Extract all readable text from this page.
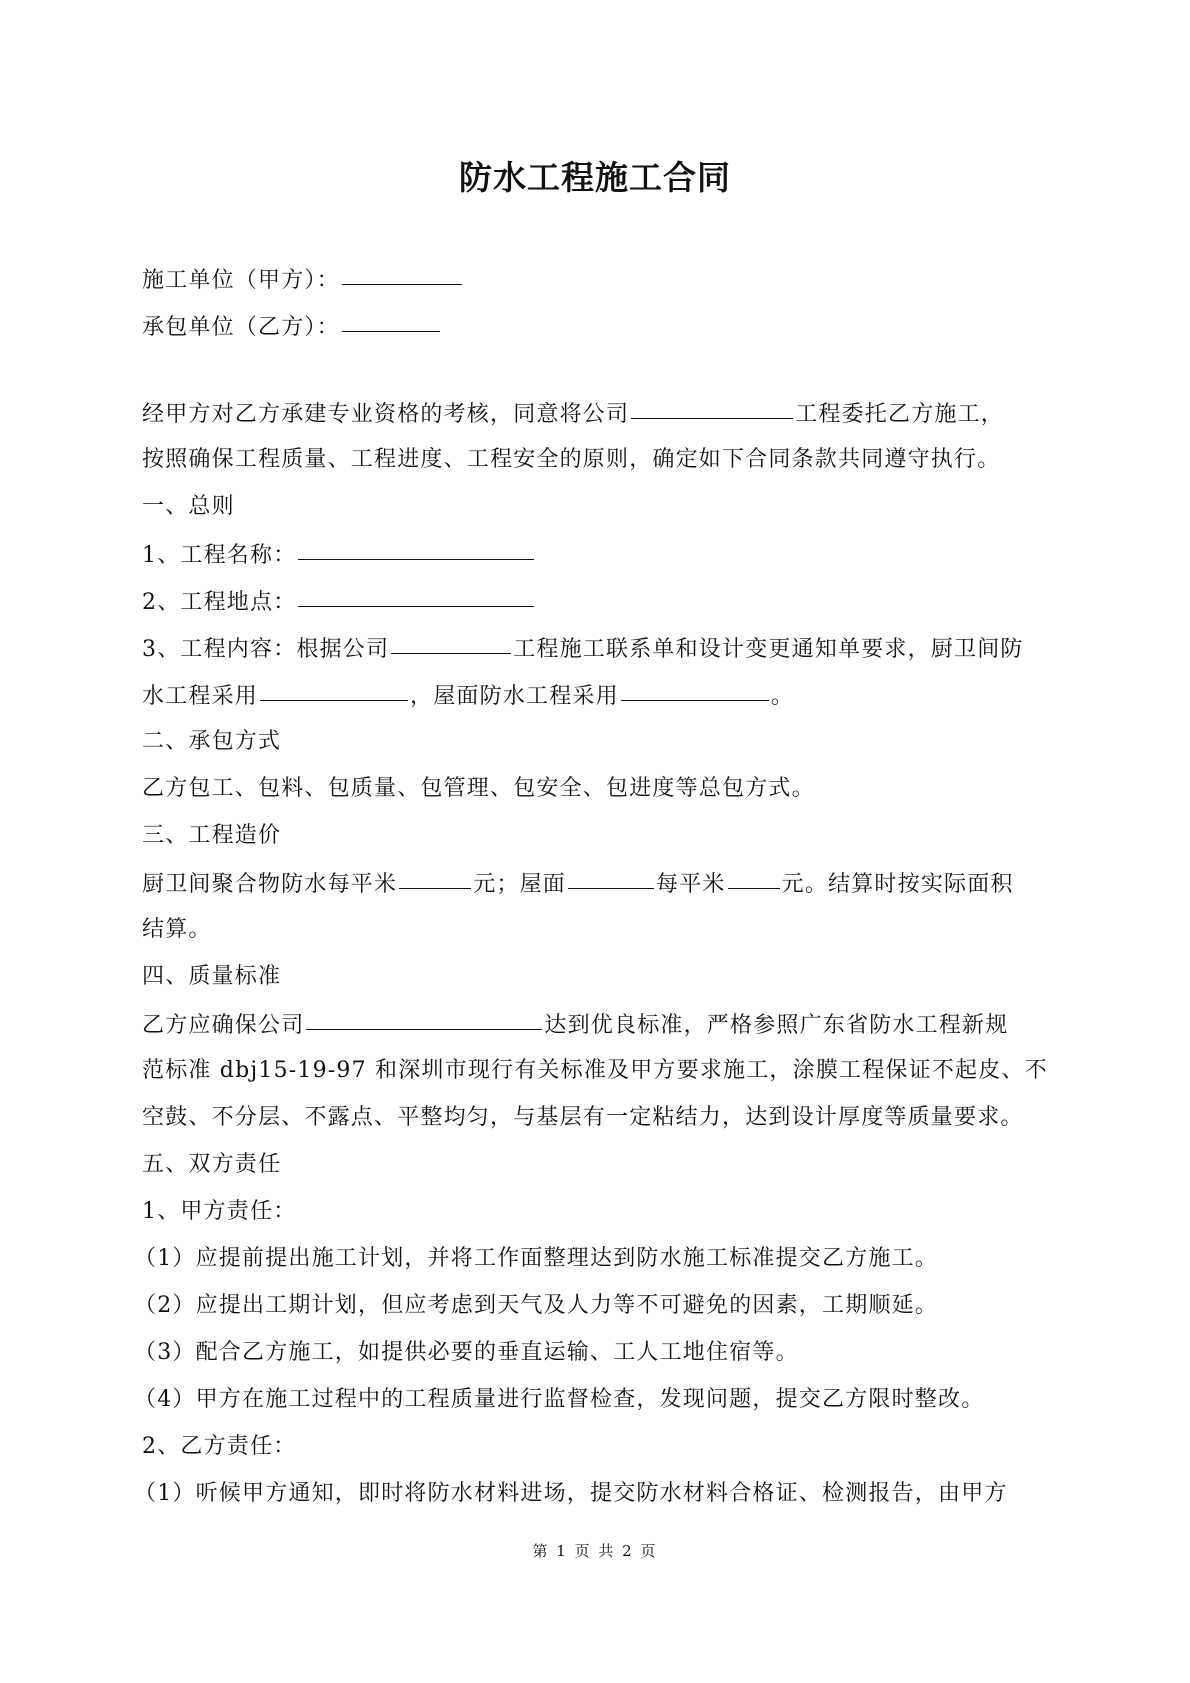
防水工程施工合同
施工单位（甲方）：
承包单位（乙方）：
经甲方对乙方承建专业资格的考核，同意将公司	工程委托乙方施工，
按照确保工程质量、工程进度、工程安全的原则，确定如下合同条款共同遵守执行。
一、总则
1、工程名称：
2、工程地点：
3、工程内容：根据公司	工程施工联系单和设计变更通知单要求，厨卫间防
水工程采用	，屋面防水工程采用	。
二、承包方式
乙方包工、包料、包质量、包管理、包安全、包进度等总包方式。
三、工程造价
厨卫间聚合物防水每平米	元；屋面	每平米	元。结算时按实际面积
结算。
四、质量标准
乙方应确保公司	达到优良标准，严格参照广东省防水工程新规
范标准 dbj15-19-97 和深圳市现行有关标准及甲方要求施工，涂膜工程保证不起皮、不
空鼓、不分层、不露点、平整均匀，与基层有一定粘结力，达到设计厚度等质量要求。
五、双方责任
1、甲方责任：
（1）应提前提出施工计划，并将工作面整理达到防水施工标准提交乙方施工。
（2）应提出工期计划，但应考虑到天气及人力等不可避免的因素，工期顺延。
（3）配合乙方施工，如提供必要的垂直运输、工人工地住宿等。
（4）甲方在施工过程中的工程质量进行监督检查，发现问题，提交乙方限时整改。
2、乙方责任：
（1）听候甲方通知，即时将防水材料进场，提交防水材料合格证、检测报告，由甲方
第 1 页 共 2 页
